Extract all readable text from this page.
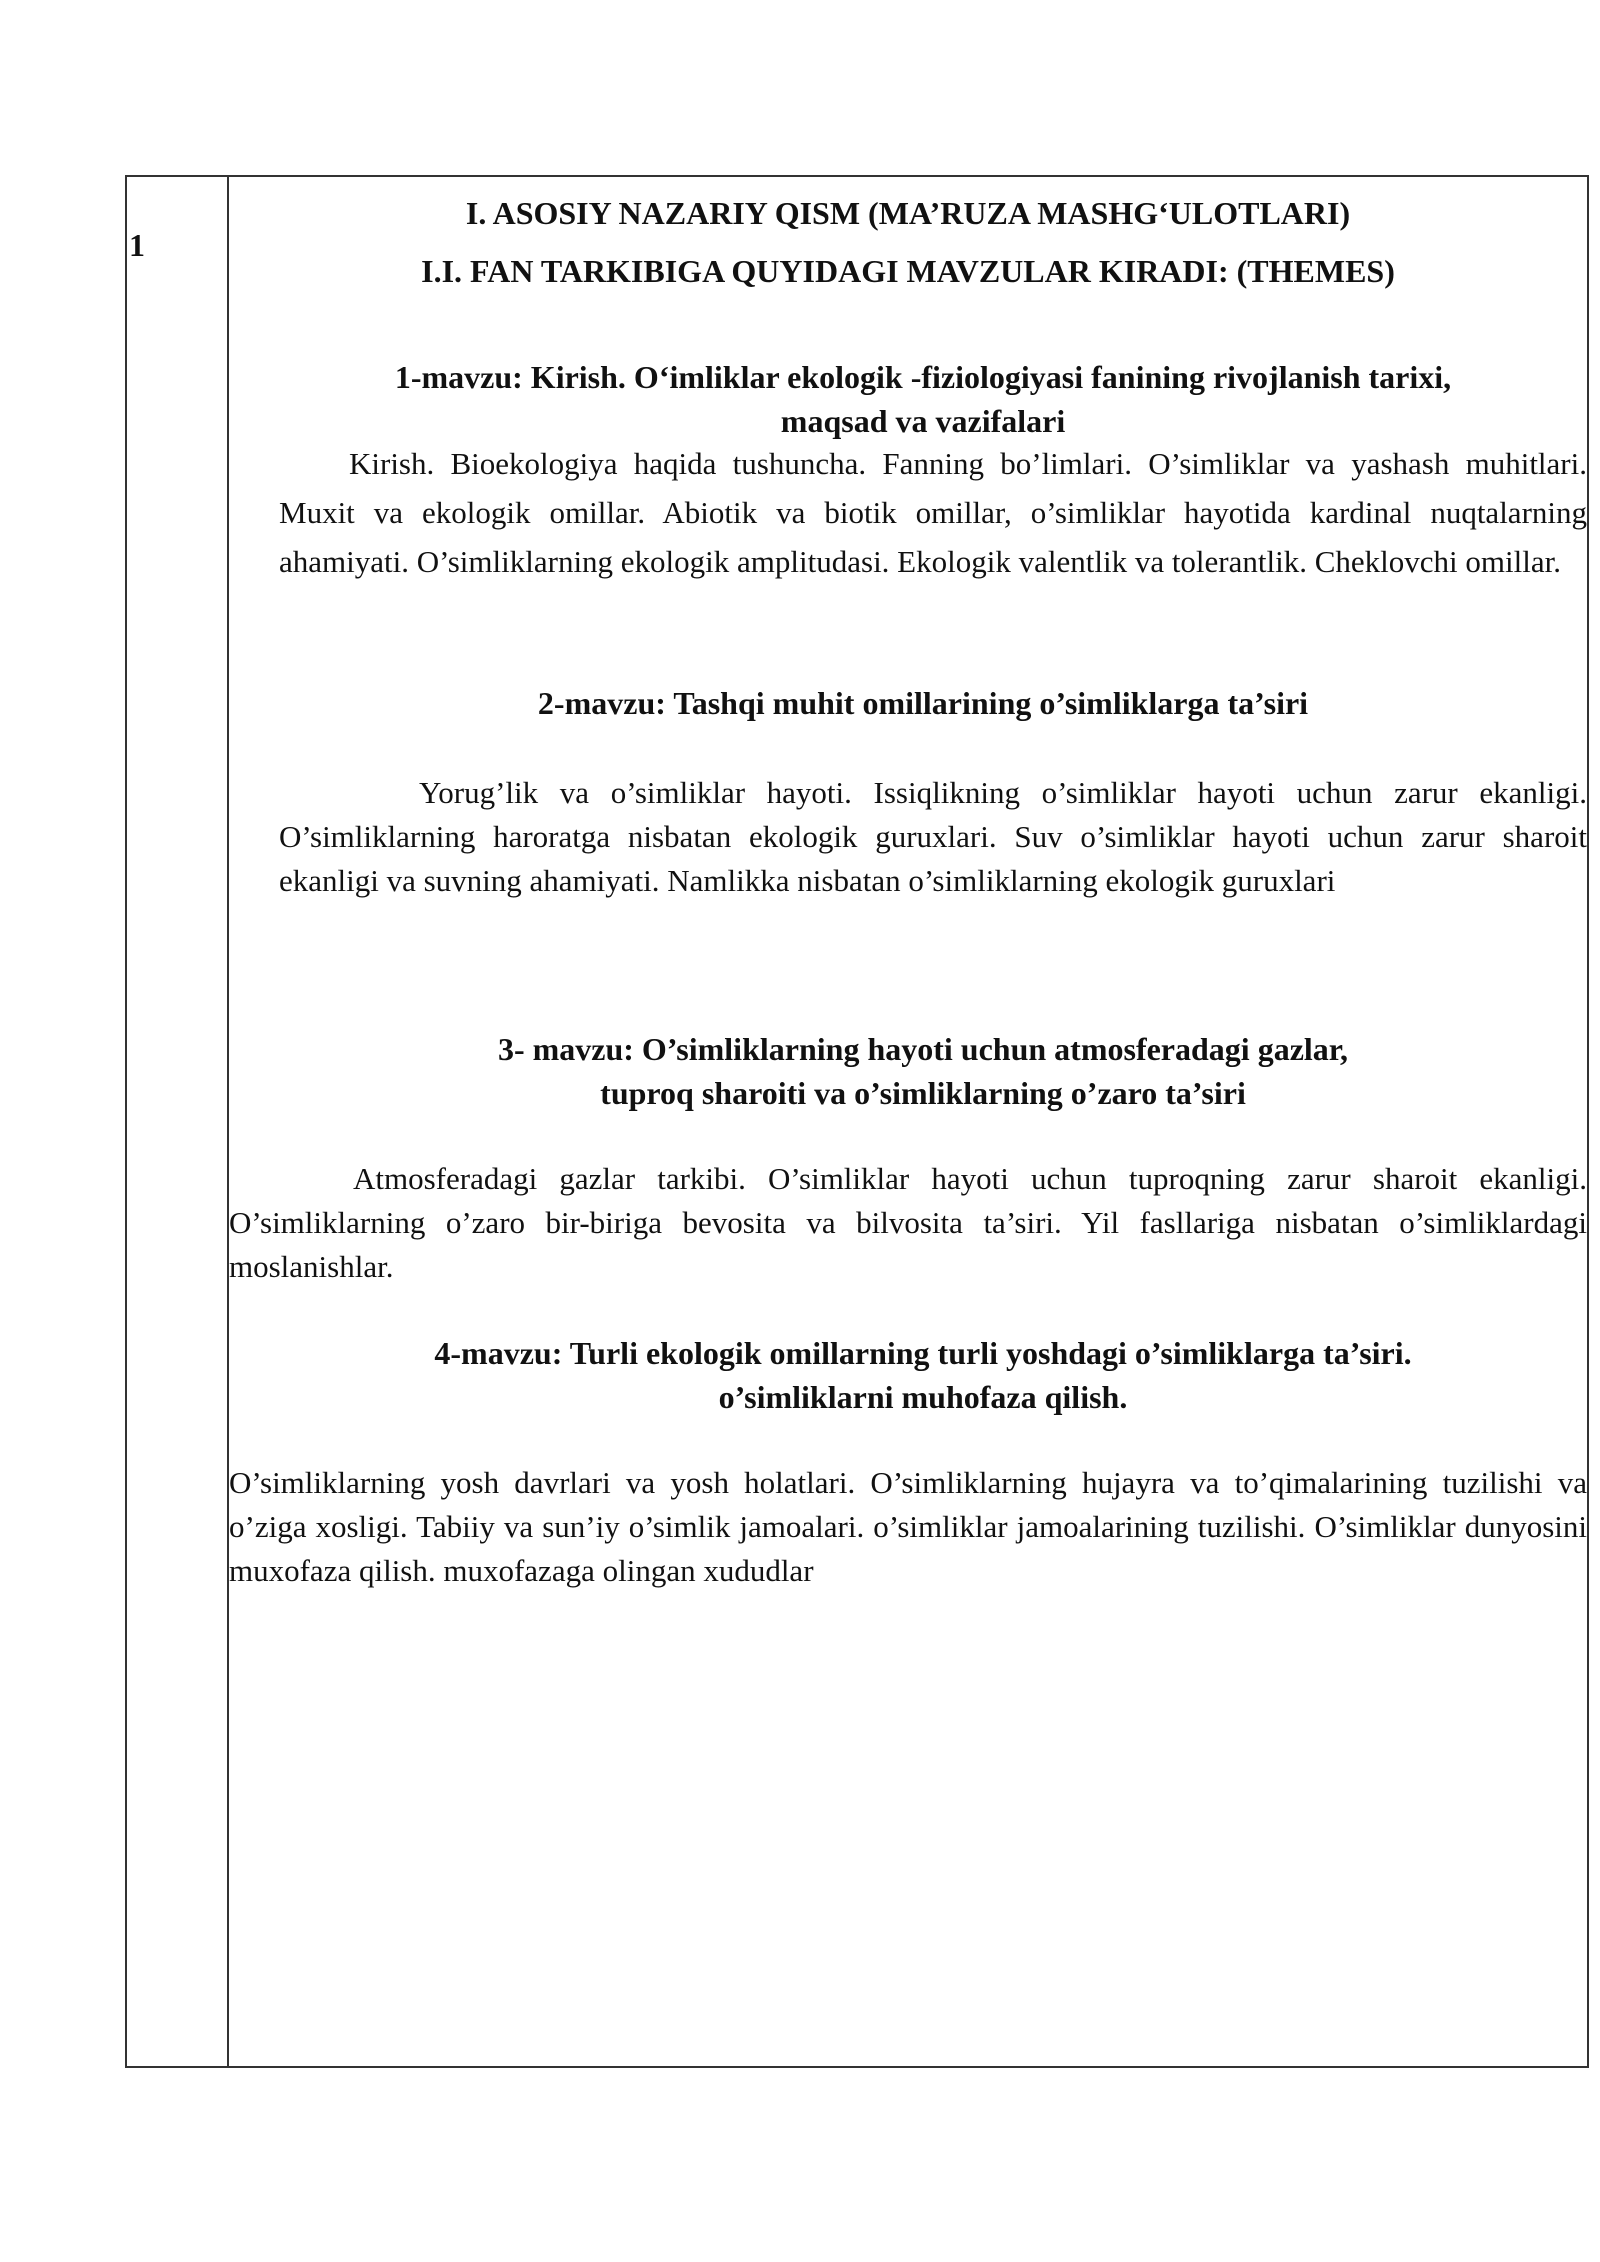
1
I. ASOSIY NAZARIY QISM (MA’RUZA MASHG‘ULOTLARI)
I.I. FAN TARKIBIGA QUYIDAGI MAVZULAR KIRADI: (THEMES)
1-mavzu: Kirish. O‘imliklar ekologik -fiziologiyasi fanining rivojlanish tarixi,
maqsad va vazifalari

Kirish. Bioekologiya haqida tushuncha. Fanning bo’limlari. O’simliklar va yashash muhitlari. Muxit va ekologik omillar. Abiotik va biotik omillar, o’simliklar hayotida kardinal nuqtalarning ahamiyati. O’simliklarning ekologik amplitudasi. Ekologik valentlik va tolerantlik. Cheklovchi omillar.

2-mavzu: Tashqi muhit omillarining o’simliklarga ta’siri

Yorug’lik va o’simliklar hayoti. Issiqlikning o’simliklar hayoti uchun zarur ekanligi. O’simliklarning haroratga nisbatan ekologik guruxlari. Suv o’simliklar hayoti uchun zarur sharoit ekanligi va suvning ahamiyati. Namlikka nisbatan o’simliklarning ekologik guruxlari

3- mavzu: O’simliklarning hayoti uchun atmosferadagi gazlar,
tuproq sharoiti va o’simliklarning o’zaro ta’siri

Atmosferadagi gazlar tarkibi. O’simliklar hayoti uchun tuproqning zarur sharoit ekanligi. O’simliklarning o’zaro bir-biriga bevosita va bilvosita ta’siri. Yil fasllariga nisbatan o’simliklardagi moslanishlar.

4-mavzu: Turli ekologik omillarning turli yoshdagi o’simliklarga ta’siri.
o’simliklarni muhofaza qilish.

O’simliklarning yosh davrlari va yosh holatlari. O’simliklarning hujayra va to’qimalarining tuzilishi va o’ziga xosligi. Tabiiy va sun’iy o’simlik jamoalari. o’simliklar jamoalarining tuzilishi. O’simliklar dunyosini muxofaza qilish. muxofazaga olingan xududlar
